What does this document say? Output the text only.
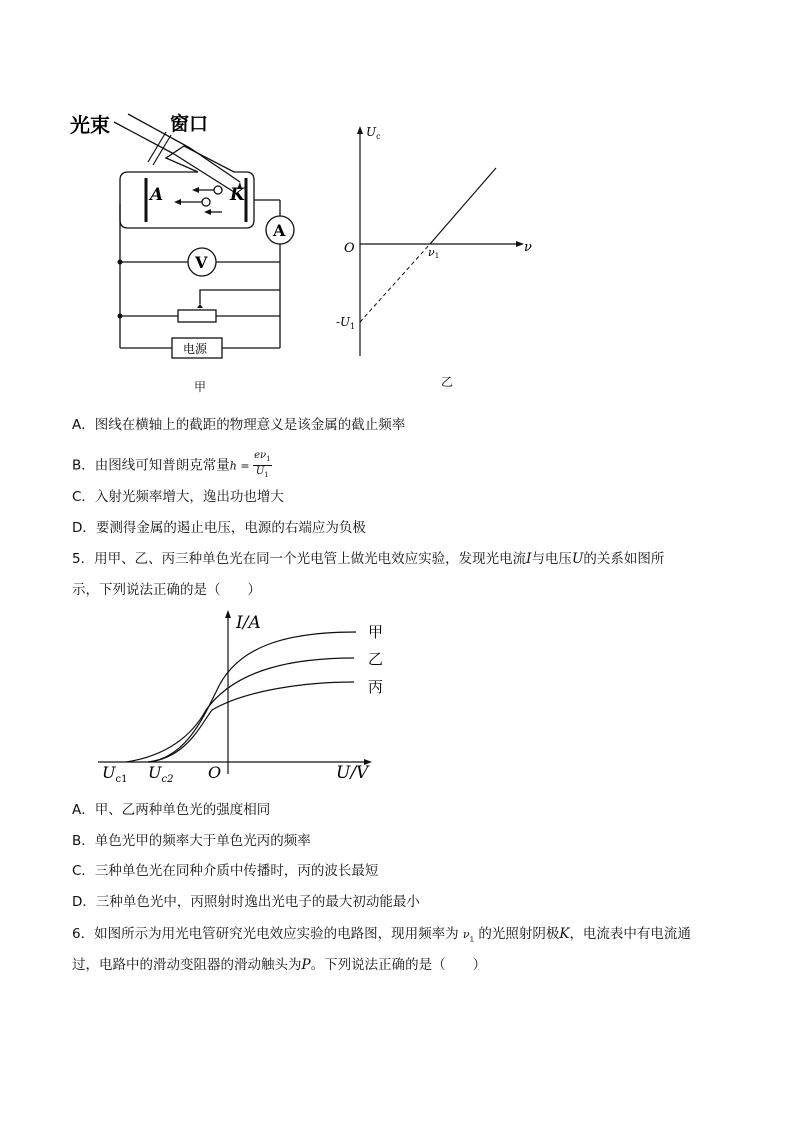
光束	窗口
A	K
A
V
电源
甲
$U_c$
ν
O	ν1
$-U_1$
乙
A．图线在横轴上的截距的物理意义是该金属的截止频率
B．由图线可知普朗克常量$h = \frac{e\nu_1}{U_1}$
C．入射光频率增大，逸出功也增大
D．要测得金属的遏止电压，电源的右端应为负极
5．用甲、乙、丙三种单色光在同一个光电管上做光电效应实验，发现光电流I与电压U的关系如图所
示，下列说法正确的是（　　）
I/A
U/V
O
$U_{c1}$ $U_{c2}$
甲
乙
丙
A．甲、乙两种单色光的强度相同
B．单色光甲的频率大于单色光丙的频率
C．三种单色光在同种介质中传播时，丙的波长最短
D．三种单色光中，丙照射时逸出光电子的最大初动能最小
6．如图所示为用光电管研究光电效应实验的电路图，现用频率为 $\nu_1$ 的光照射阴极K，电流表中有电流通
过，电路中的滑动变阻器的滑动触头为P。下列说法正确的是（　　）
